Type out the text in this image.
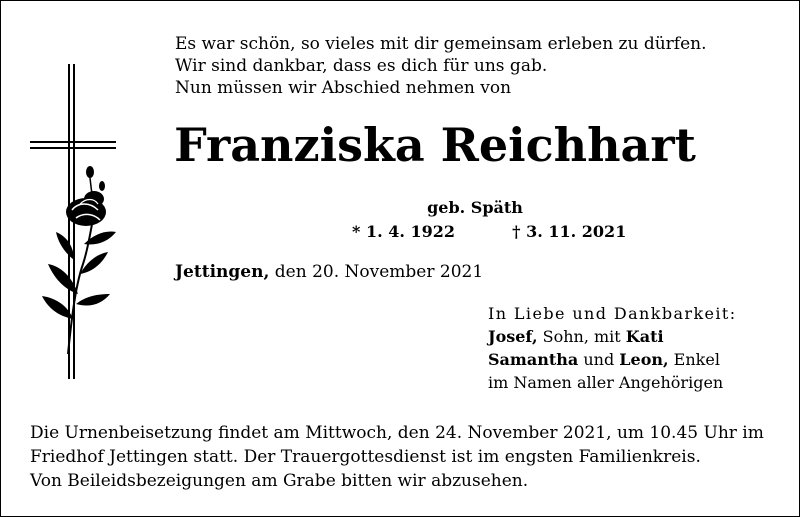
Es war schön, so vieles mit dir gemeinsam erleben zu dürfen.
Wir sind dankbar, dass es dich für uns gab.
Nun müssen wir Abschied nehmen von
Franziska Reichhart
geb. Späth
* 1. 4. 1922	† 3. 11. 2021
Jettingen, den 20. November 2021
In Liebe und Dankbarkeit:
Josef, Sohn, mit Kati
Samantha und Leon, Enkel
im Namen aller Angehörigen
Die Urnenbeisetzung findet am Mittwoch, den 24. November 2021, um 10.45 Uhr im
Friedhof Jettingen statt. Der Trauergottesdienst ist im engsten Familienkreis.
Von Beileidsbezeigungen am Grabe bitten wir abzusehen.
